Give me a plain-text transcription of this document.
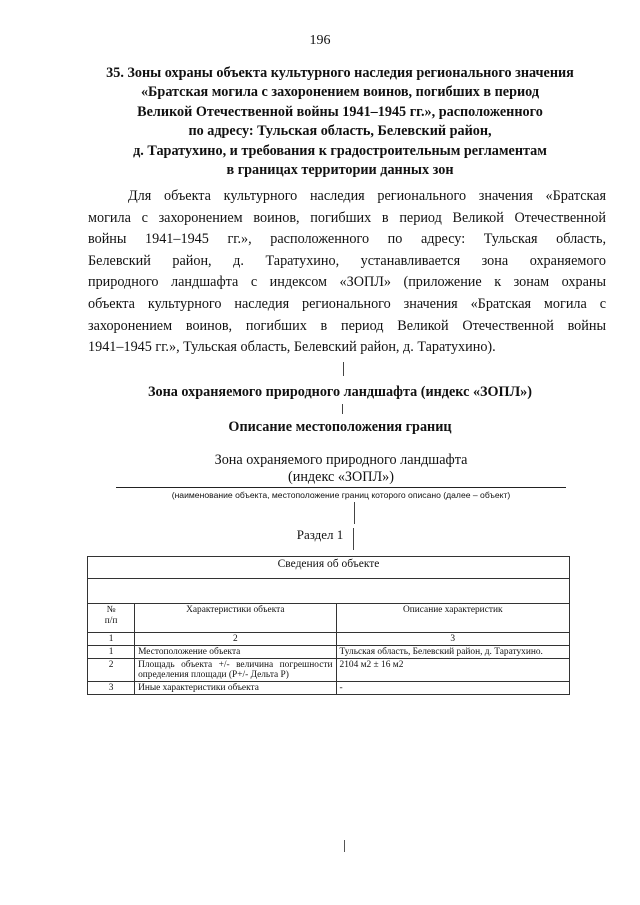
196
35. Зоны охраны объекта культурного наследия регионального значения
«Братская могила с захоронением воинов, погибших в период
Великой Отечественной войны 1941–1945 гг.», расположенного
по адресу: Тульская область, Белевский район,
д. Таратухино, и требования к градостроительным регламентам
в границах территории данных зон
Для объекта культурного наследия регионального значения «Братская
могила с захоронением воинов, погибших в период Великой Отечественной
войны 1941–1945 гг.», расположенного по адресу: Тульская область,
Белевский район, д. Таратухино, устанавливается зона охраняемого
природного ландшафта с индексом «ЗОПЛ» (приложение к зонам охраны
объекта культурного наследия регионального значения «Братская могила с
захоронением воинов, погибших в период Великой Отечественной войны
1941–1945 гг.», Тульская область, Белевский район, д. Таратухино).
Зона охраняемого природного ландшафта (индекс «ЗОПЛ»)
Описание местоположения границ
Зона охраняемого природного ландшафта
(индекс «ЗОПЛ»)
(наименование объекта, местоположение границ которого описано (далее – объект)
Раздел 1
Сведения об объекте		

№
п/п	Характеристики объекта	Описание характеристик
1	2	3
1	Местоположение объекта	Тульская область, Белевский район, д. Таратухино.
2	Площадь объекта +/- величина погрешности определения площади (P+/- Дельта P)	2104 м2 ± 16 м2
3	Иные характеристики объекта	-
